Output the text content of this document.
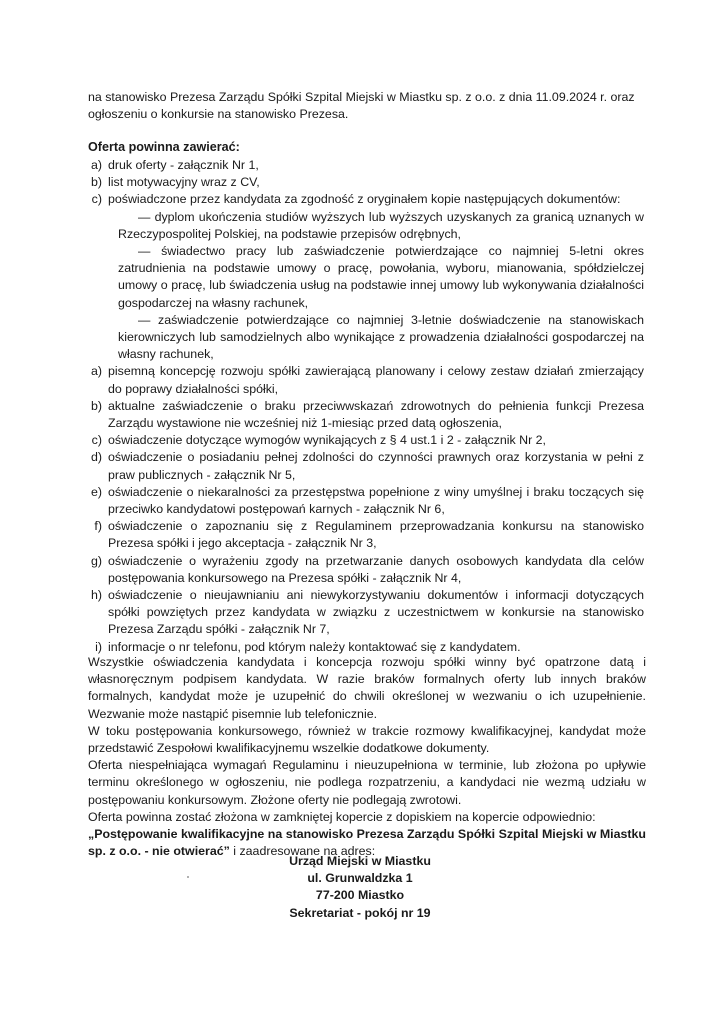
na stanowisko Prezesa Zarządu Spółki Szpital Miejski w Miastku sp. z o.o. z dnia 11.09.2024 r. oraz
ogłoszeniu o konkursie na stanowisko Prezesa.
Oferta powinna zawierać:
a) druk oferty - załącznik Nr 1,
b) list motywacyjny wraz z CV,
c) poświadczone przez kandydata za zgodność z oryginałem kopie następujących dokumentów:
— dyplom ukończenia studiów wyższych lub wyższych uzyskanych za granicą uznanych w Rzeczypospolitej Polskiej, na podstawie przepisów odrębnych,
— świadectwo pracy lub zaświadczenie potwierdzające co najmniej 5-letni okres zatrudnienia na podstawie umowy o pracę, powołania, wyboru, mianowania, spółdzielczej umowy o pracę, lub świadczenia usług na podstawie innej umowy lub wykonywania działalności gospodarczej na własny rachunek,
— zaświadczenie potwierdzające co najmniej 3-letnie doświadczenie na stanowiskach kierowniczych lub samodzielnych albo wynikające z prowadzenia działalności gospodarczej na własny rachunek,
a) pisemną koncepcję rozwoju spółki zawierającą planowany i celowy zestaw działań zmierzający do poprawy działalności spółki,
b) aktualne zaświadczenie o braku przeciwwskazań zdrowotnych do pełnienia funkcji Prezesa Zarządu wystawione nie wcześniej niż 1-miesiąc przed datą ogłoszenia,
c) oświadczenie dotyczące wymogów wynikających z § 4 ust.1 i 2 - załącznik Nr 2,
d) oświadczenie o posiadaniu pełnej zdolności do czynności prawnych oraz korzystania w pełni z praw publicznych - załącznik Nr 5,
e) oświadczenie o niekaralności za przestępstwa popełnione z winy umyślnej i braku toczących się przeciwko kandydatowi postępowań karnych - załącznik Nr 6,
f) oświadczenie o zapoznaniu się z Regulaminem przeprowadzania konkursu na stanowisko Prezesa spółki i jego akceptacja - załącznik Nr 3,
g) oświadczenie o wyrażeniu zgody na przetwarzanie danych osobowych kandydata dla celów postępowania konkursowego na Prezesa spółki - załącznik Nr 4,
h) oświadczenie o nieujawnianiu ani niewykorzystywaniu dokumentów i informacji dotyczących spółki powziętych przez kandydata w związku z uczestnictwem w konkursie na stanowisko Prezesa Zarządu spółki - załącznik Nr 7,
i) informacje o nr telefonu, pod którym należy kontaktować się z kandydatem.

Wszystkie oświadczenia kandydata i koncepcja rozwoju spółki winny być opatrzone datą i własnoręcznym podpisem kandydata. W razie braków formalnych oferty lub innych braków formalnych, kandydat może je uzupełnić do chwili określonej w wezwaniu o ich uzupełnienie. Wezwanie może nastąpić pisemnie lub telefonicznie.

W toku postępowania konkursowego, również w trakcie rozmowy kwalifikacyjnej, kandydat może przedstawić Zespołowi kwalifikacyjnemu wszelkie dodatkowe dokumenty.

Oferta niespełniająca wymagań Regulaminu i nieuzupełniona w terminie, lub złożona po upływie terminu określonego w ogłoszeniu, nie podlega rozpatrzeniu, a kandydaci nie wezmą udziału w postępowaniu konkursowym. Złożone oferty nie podlegają zwrotowi.

Oferta powinna zostać złożona w zamkniętej kopercie z dopiskiem na kopercie odpowiednio:

„Postępowanie kwalifikacyjne na stanowisko Prezesa Zarządu Spółki Szpital Miejski w Miastku sp. z o.o. - nie otwierać” i zaadresowane na adres:

Urząd Miejski w Miastku
ul. Grunwaldzka 1
77-200 Miastko
Sekretariat - pokój nr 19
